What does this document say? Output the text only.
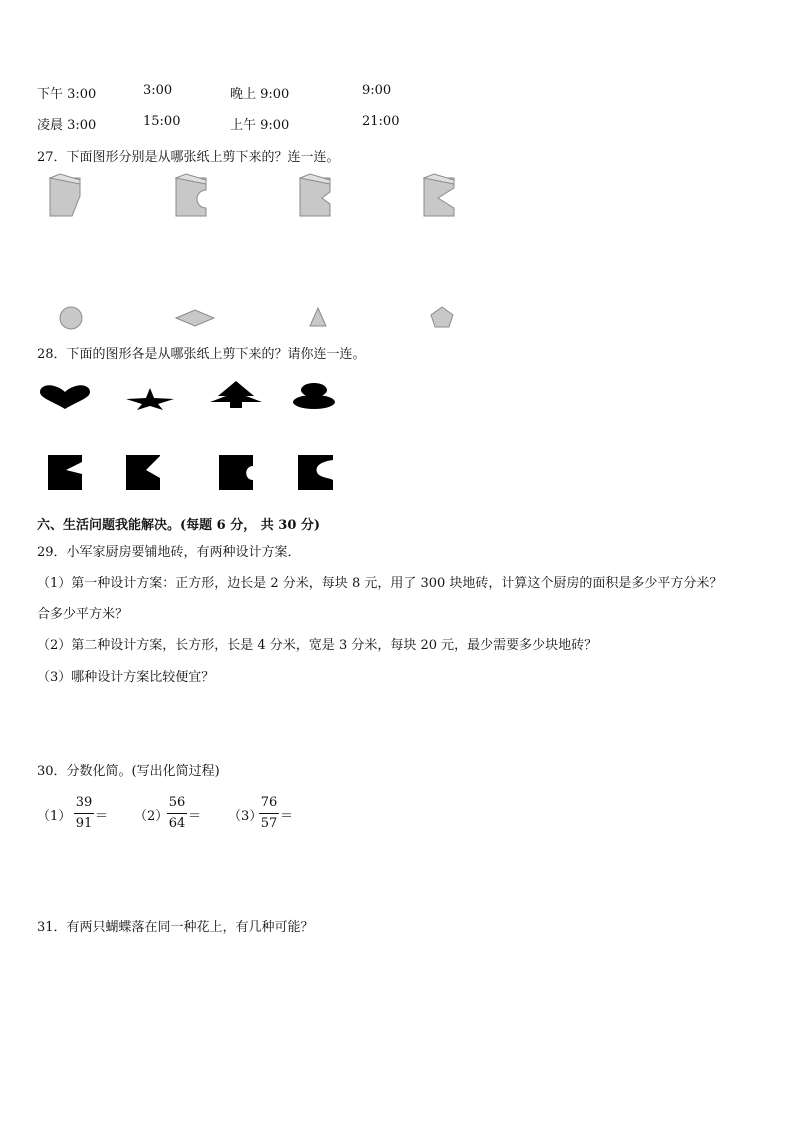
下午 3:00	3:00	晚上 9:00	9:00
凌晨 3:00	15:00	上午 9:00	21:00
27．下面图形分别是从哪张纸上剪下来的？连一连。
28．下面的图形各是从哪张纸上剪下来的？请你连一连。
六、生活问题我能解决。(每题 6 分， 共 30 分)
29．小军家厨房要铺地砖，有两种设计方案．
（1）第一种设计方案：正方形，边长是 2 分米，每块 8 元，用了 300 块地砖，计算这个厨房的面积是多少平方分米？
合多少平方米？
（2）第二种设计方案，长方形，长是 4 分米，宽是 3 分米，每块 20 元，最少需要多少块地砖？
（3）哪种设计方案比较便宜？
30．分数化简。(写出化简过程)
（1）
39
91 ＝ （2）
56
64 ＝ （3）
76
57 ＝
31．有两只蝴蝶落在同一种花上，有几种可能？
